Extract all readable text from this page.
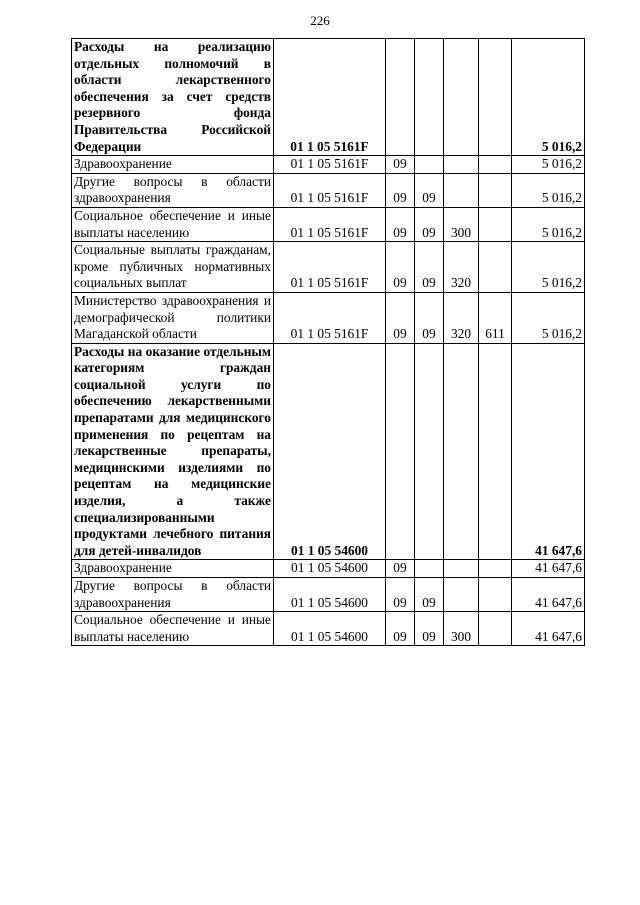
226
Расходы на реализацию отдельных полномочий в области лекарственного обеспечения за счет средств резервного фонда Правительства Российской Федерации	01 1 05 5161F					5 016,2
Здравоохранение	01 1 05 5161F	09				5 016,2
Другие вопросы в области здравоохранения	01 1 05 5161F	09	09			5 016,2
Социальное обеспечение и иные выплаты населению	01 1 05 5161F	09	09	300		5 016,2
Социальные выплаты гражданам, кроме публичных нормативных социальных выплат	01 1 05 5161F	09	09	320		5 016,2
Министерство здравоохранения и демографической политики Магаданской области	01 1 05 5161F	09	09	320	611	5 016,2
Расходы на оказание отдельным категориям граждан социальной услуги по обеспечению лекарственными препаратами для медицинского применения по рецептам на лекарственные препараты, медицинскими изделиями по рецептам на медицинские изделия, а также специализированными продуктами лечебного питания для детей-инвалидов	01 1 05 54600					41 647,6
Здравоохранение	01 1 05 54600	09				41 647,6
Другие вопросы в области здравоохранения	01 1 05 54600	09	09			41 647,6
Социальное обеспечение и иные выплаты населению	01 1 05 54600	09	09	300		41 647,6
